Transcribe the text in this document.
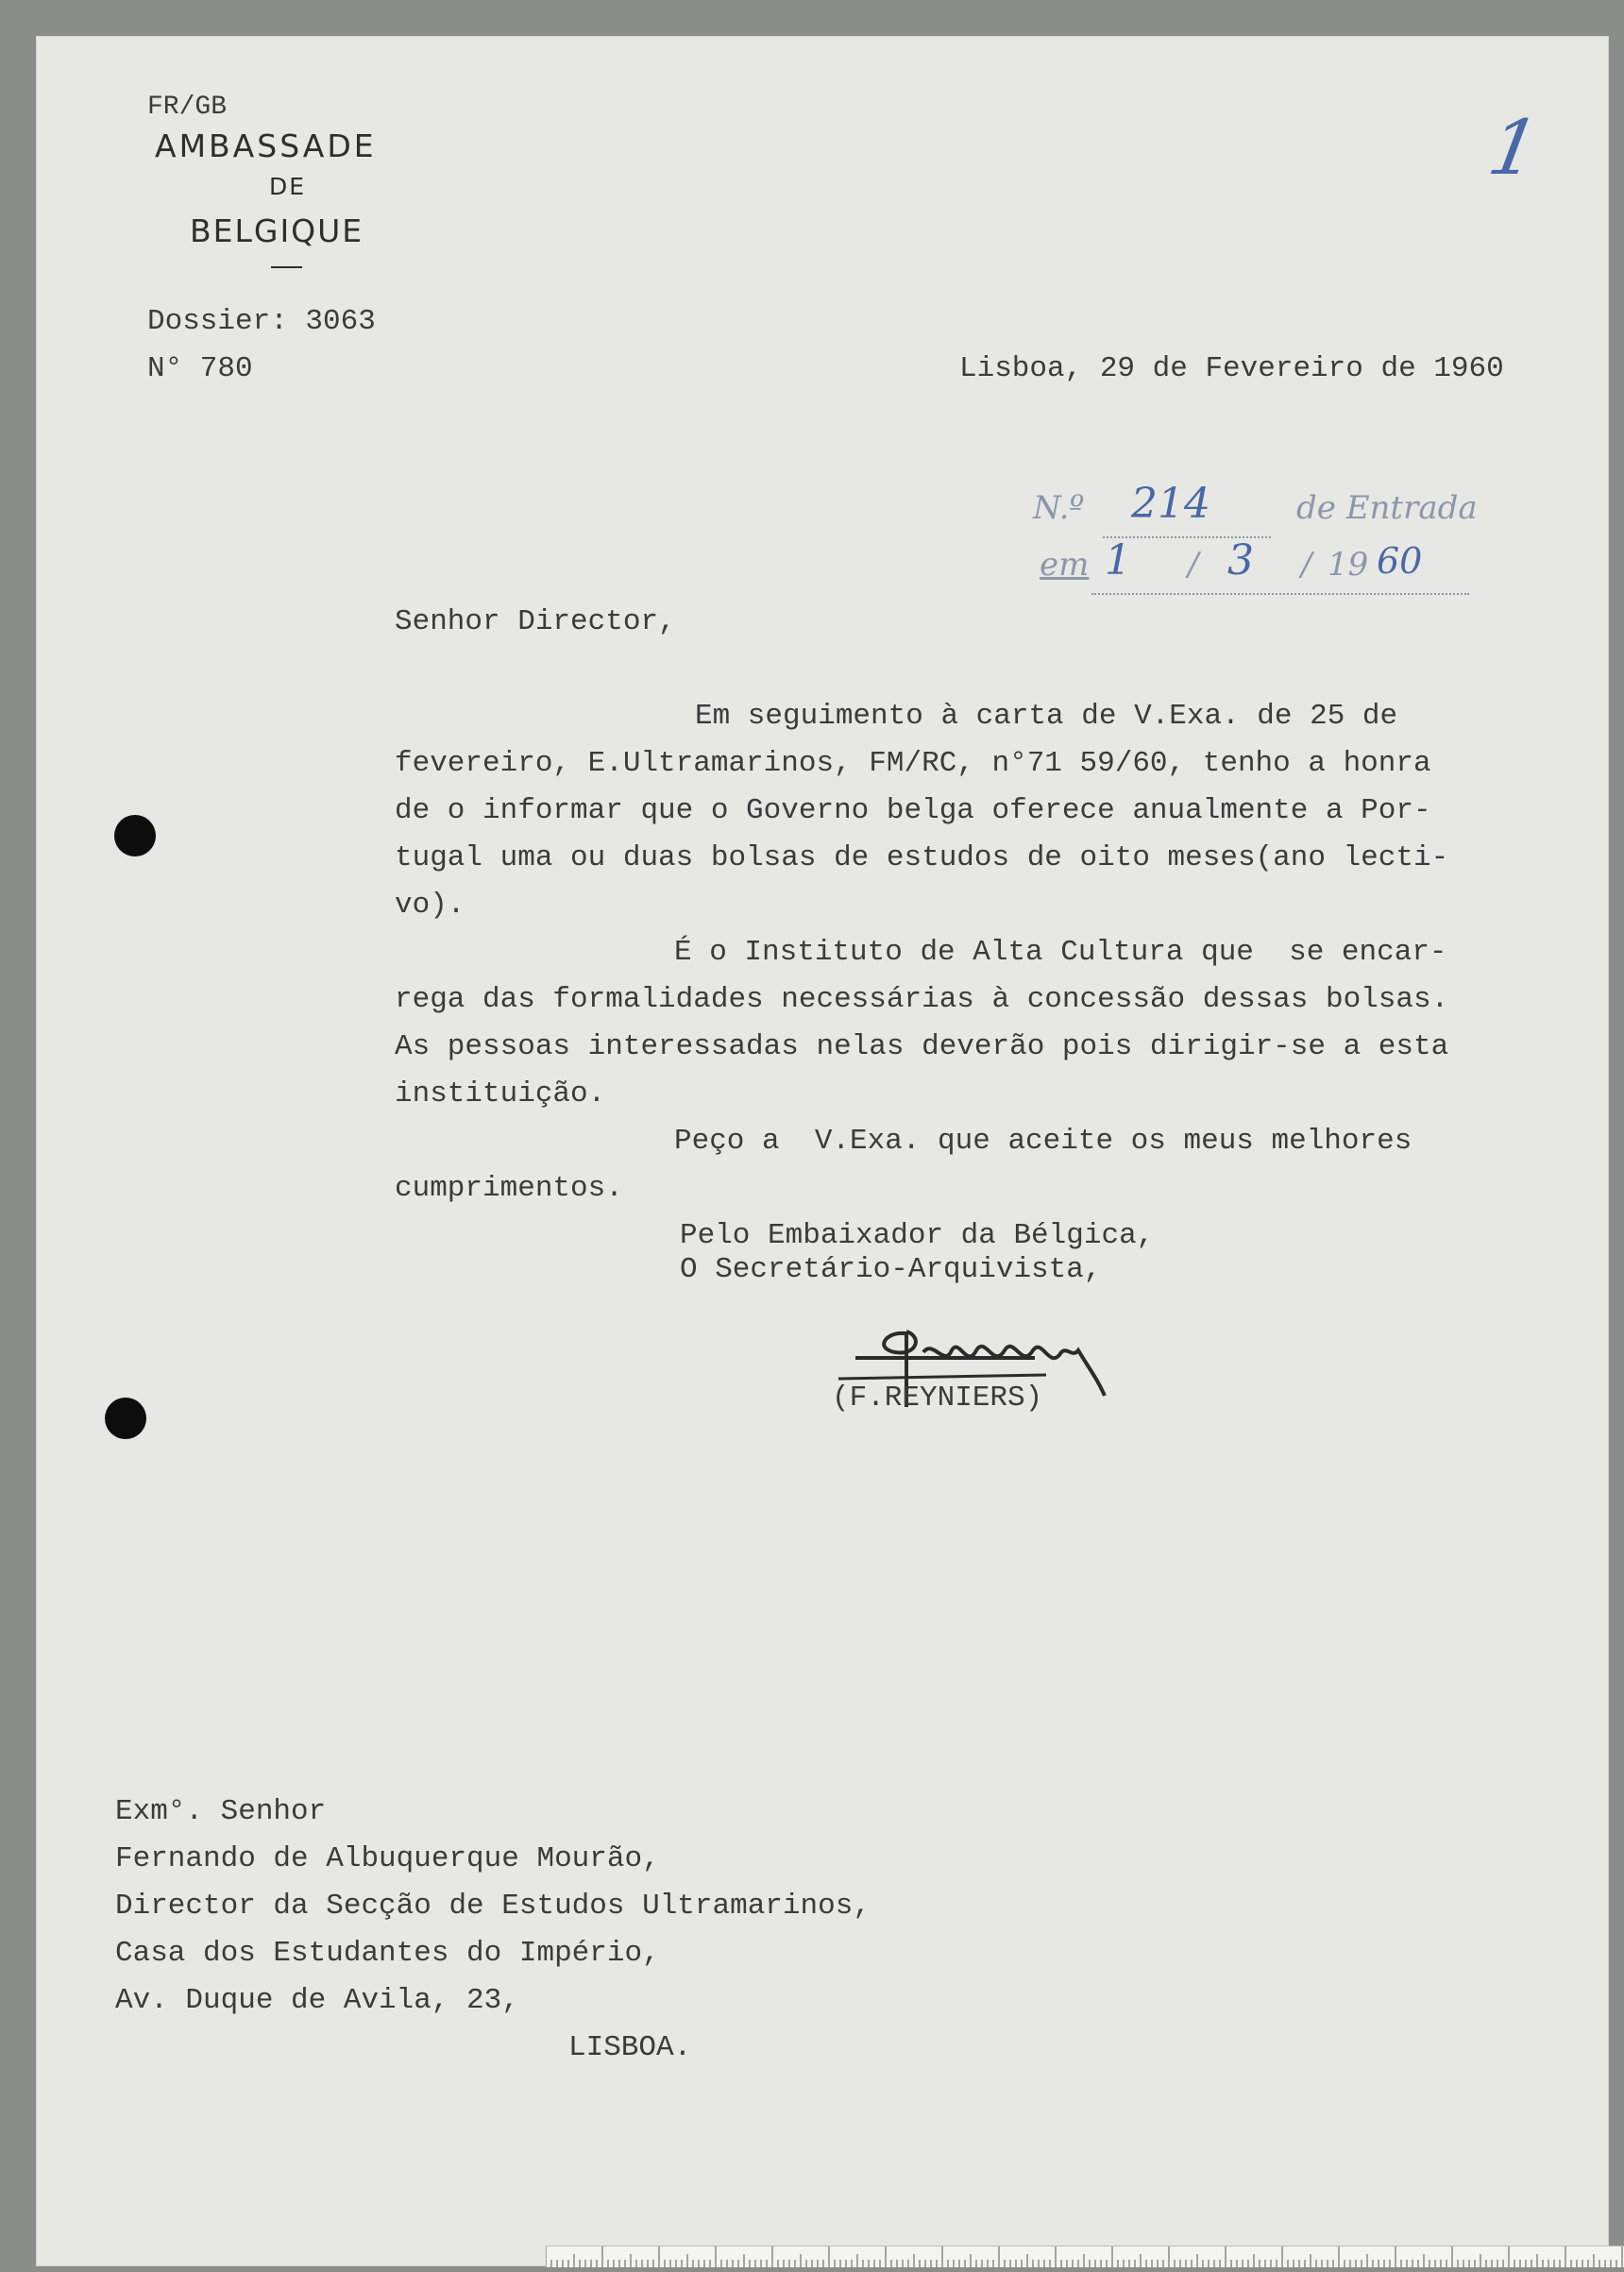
FR/GB
AMBASSADE
DE
BELGIQUE
Dossier: 3063
N° 780
1
Lisboa, 29 de Fevereiro de 1960
N.º 214	de Entrada
em 1 / 3 / 19 60
Senhor Director,
Em seguimento à carta de V.Exa. de 25 de
fevereiro, E.Ultramarinos, FM/RC, n°71 59/60, tenho a honra
de o informar que o Governo belga oferece anualmente a Por-
tugal uma ou duas bolsas de estudos de oito meses(ano lecti-
vo).
É o Instituto de Alta Cultura que  se encar-
rega das formalidades necessárias à concessão dessas bolsas.
As pessoas interessadas nelas deverão pois dirigir-se a esta
instituição.
Peço a  V.Exa. que aceite os meus melhores
cumprimentos.
Pelo Embaixador da Bélgica,
O Secretário-Arquivista,
(F.REYNIERS)
Exm°. Senhor
Fernando de Albuquerque Mourão,
Director da Secção de Estudos Ultramarinos,
Casa dos Estudantes do Império,
Av. Duque de Avila, 23,
LISBOA.
